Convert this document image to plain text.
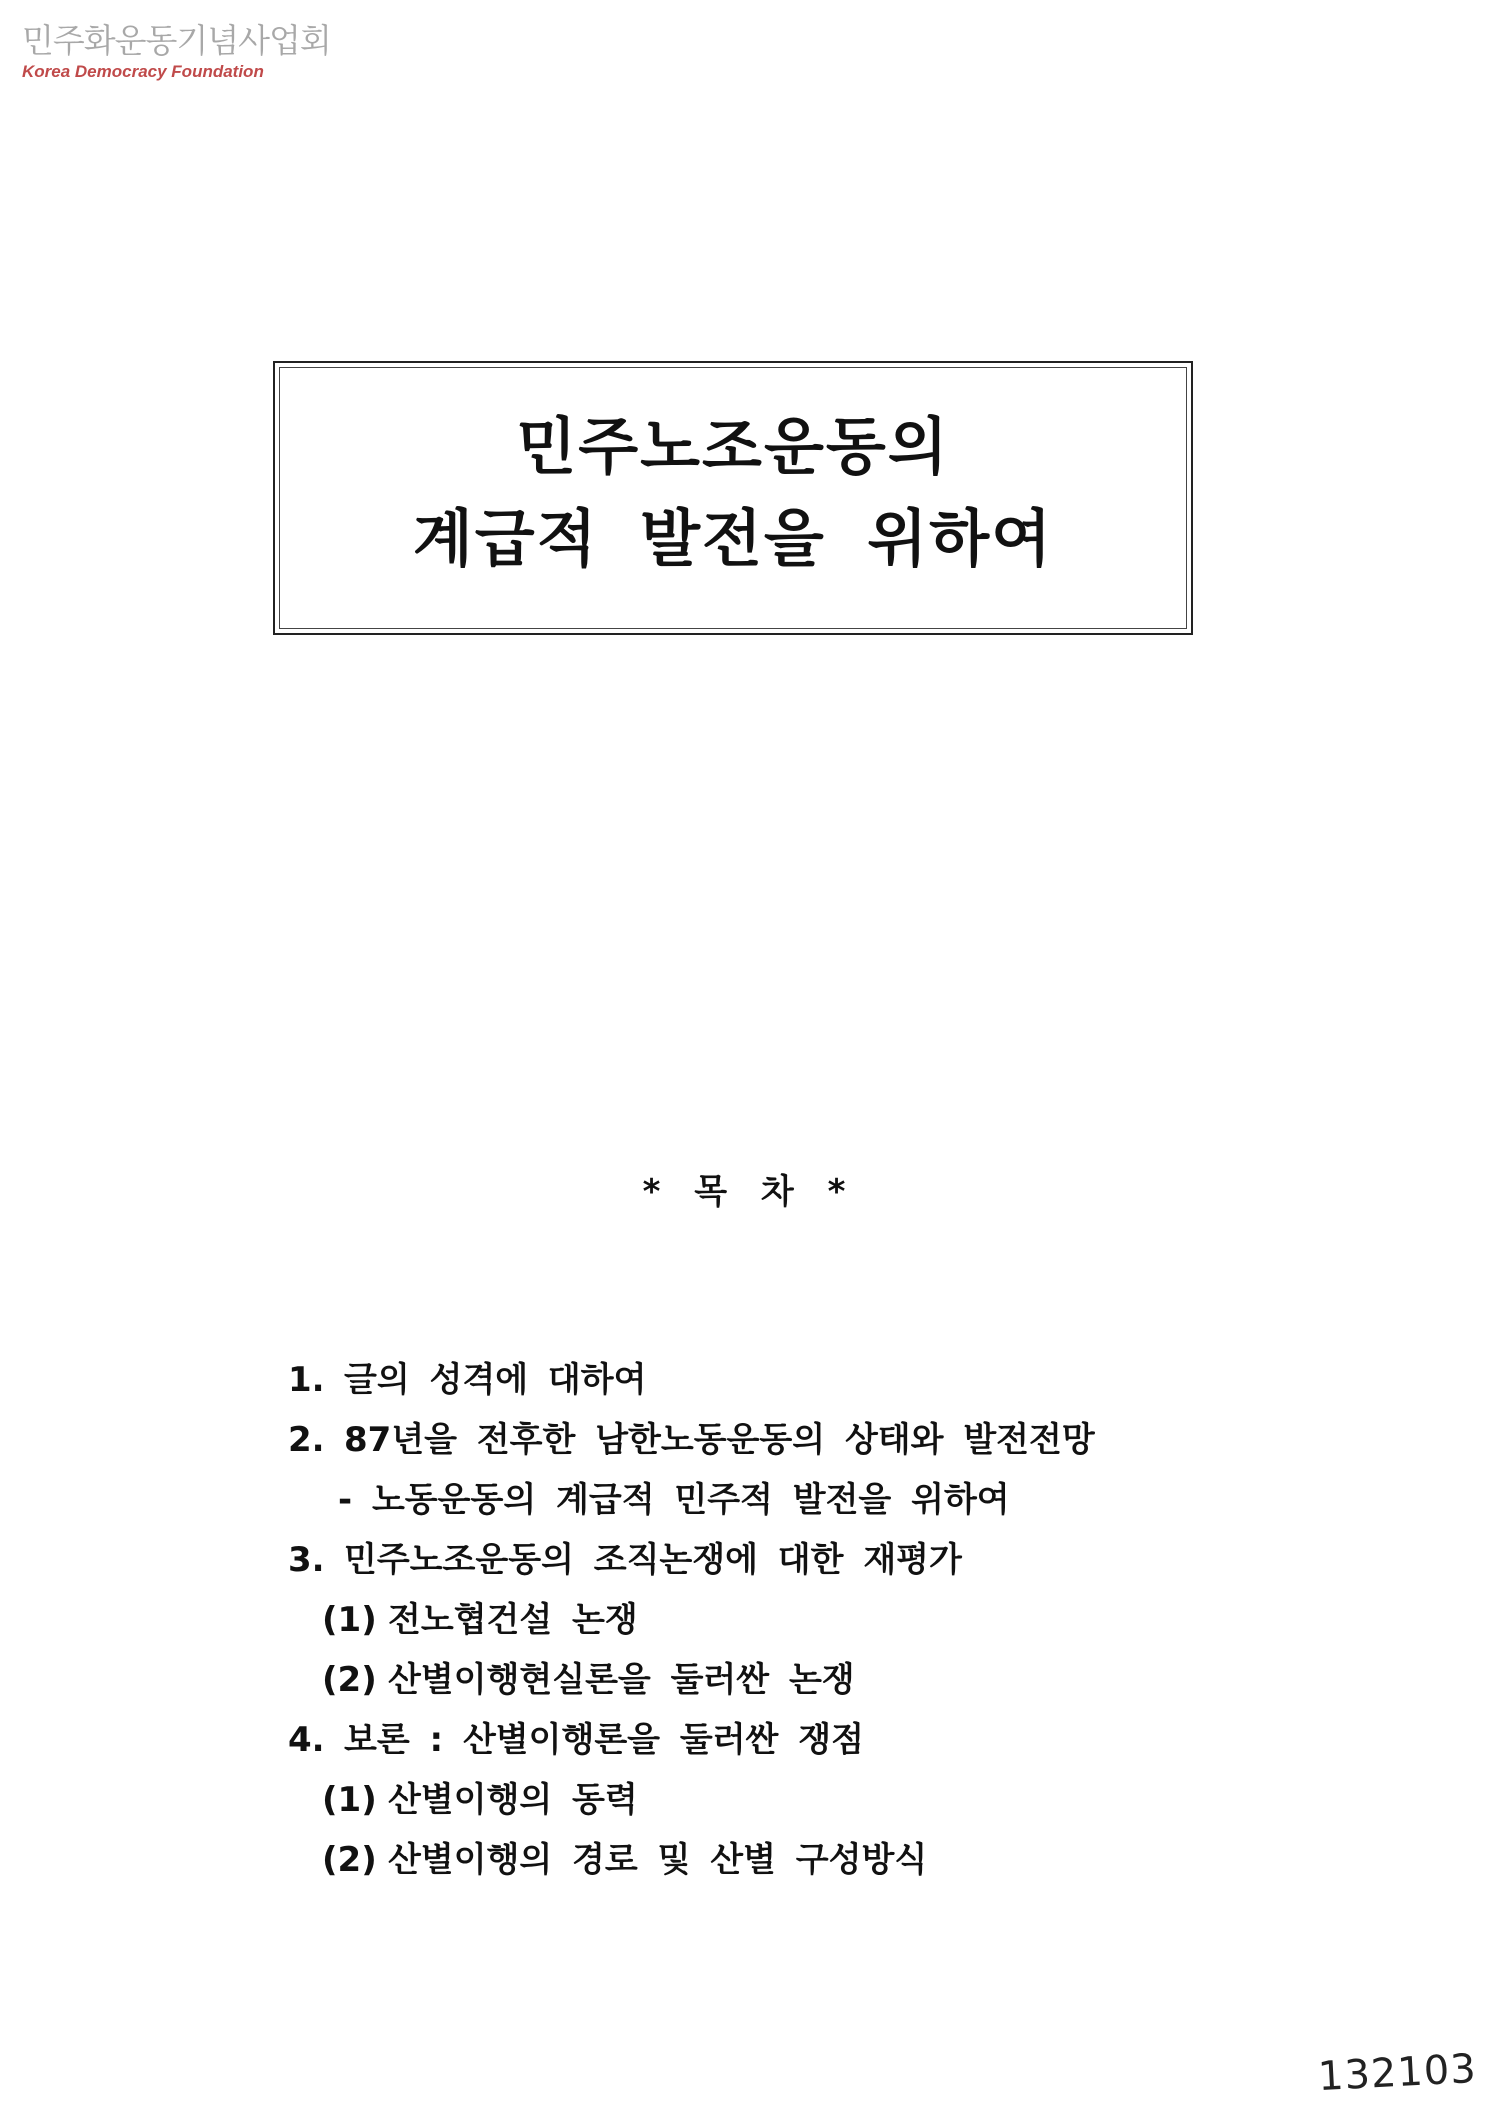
민주화운동기념사업회
Korea Democracy Foundation
민주노조운동의
계급적 발전을 위하여
* 목 차 *
1. 글의 성격에 대하여
2. 87년을 전후한 남한노동운동의 상태와 발전전망
- 노동운동의 계급적 민주적 발전을 위하여
3. 민주노조운동의 조직논쟁에 대한 재평가
(1) 전노협건설 논쟁
(2) 산별이행현실론을 둘러싼 논쟁
4. 보론 : 산별이행론을 둘러싼 쟁점
(1) 산별이행의 동력
(2) 산별이행의 경로 및 산별 구성방식
132103
